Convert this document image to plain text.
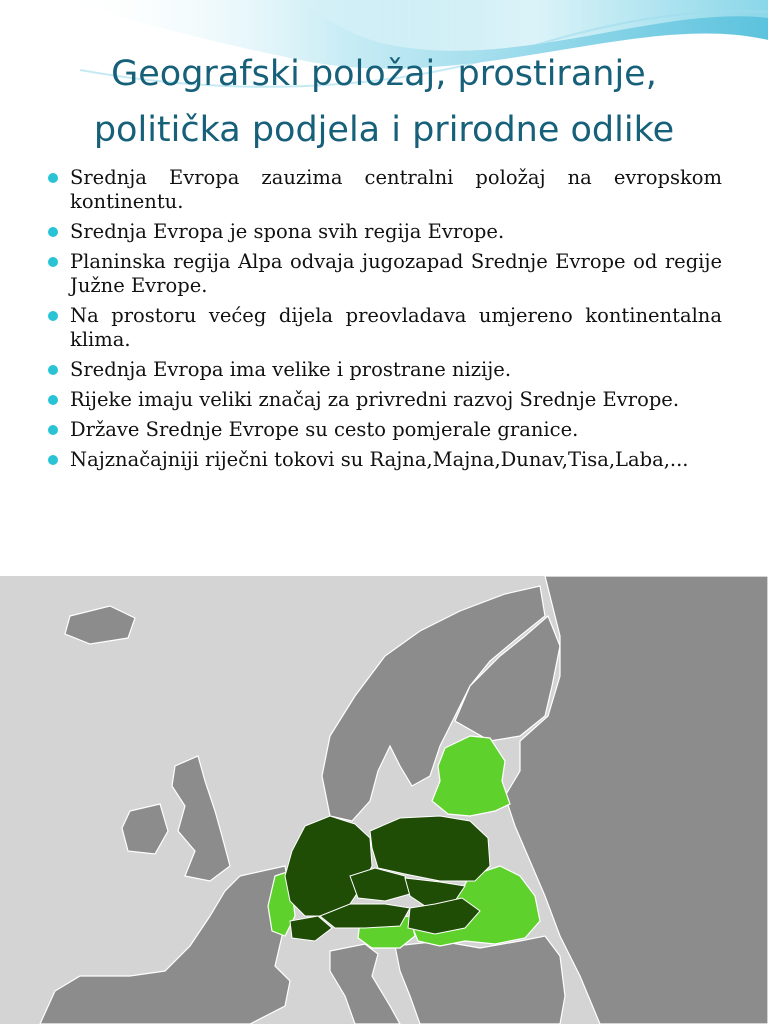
Geografski položaj, prostiranje,
politička podjela i prirodne odlike
Srednja Evropa zauzima centralni položaj na evropskom kontinentu.
Srednja Evropa je spona svih regija Evrope.
Planinska regija Alpa odvaja jugozapad Srednje Evrope od regije Južne Evrope.
Na prostoru većeg dijela preovladava umjereno kontinentalna klima.
Srednja Evropa ima velike i prostrane nizije.
Rijeke imaju veliki značaj za privredni razvoj Srednje Evrope.
Države Srednje Evrope su cesto pomjerale granice.
Najznačajniji riječni tokovi su Rajna,Majna,Dunav,Tisa,Laba,...
